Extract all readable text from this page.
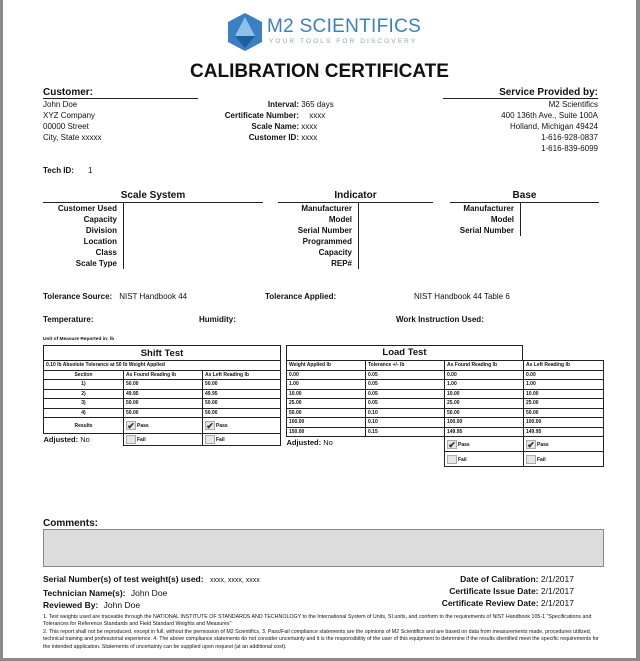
M2 SCIENTIFICS
YOUR TOOLS FOR DISCOVERY
CALIBRATION CERTIFICATE
Customer:
John Doe
XYZ Company
00000 Street
City, State xxxxx
Interval: 365 days
Certificate Number: xxxx
Scale Name: xxxx
Customer ID: xxxx
Service Provided by:
M2 Scientifics
400 136th Ave., Suite 100A
Holland, Michigan 49424
1-616-928-0837
1-616-839-6099
Tech ID: 1
Scale System
Customer Used
Capacity
Division
Location
Class
Scale Type
Indicator
Manufacturer
Model
Serial Number
Programmed
Capacity
REP#
Base
Manufacturer
Model
Serial Number
Tolerance Source: NIST Handbook 44	Tolerance Applied:	NIST Handbook 44 Table 6
Temperature:	Humidity:	Work Instruction Used:
Unit of Measure Reported in: lb
Shift Test		
0.10 lb Absolute Tolerance at 50 lb Weight Applied		
Section	As Found Reading lb	As Left Reading lb
1)	50.00	50.00
2)	49.95	49.95
3)	50.00	50.00
4)	50.00	50.00
Results	✔ Pass	✔ Pass
Adjusted: No	Fail	Fail
Load Test
Weight Applied lb	Tolerance +/- lb	As Found Reading lb	As Left Reading lb
0.00	0.05	0.00	0.00
1.00	0.05	1.00	1.00
10.00	0.05	10.00	10.00
25.00	0.05	25.00	25.00
50.00	0.10	50.00	50.00
100.00	0.10	100.00	100.00
150.00	0.15	149.95	149.95
Adjusted: No		✔ Pass	✔ Pass
		Fail	Fail
Comments:
Serial Number(s) of test weight(s) used: xxxx, xxxx, xxxx
Technician Name(s): John Doe
Reviewed By: John Doe
Date of Calibration: 2/1/2017
Certificate Issue Date: 2/1/2017
Certificate Review Date: 2/1/2017
1. Test weights used are traceable through the NATIONAL INSTITUTE OF STANDARDS AND TECHNOLOGY to the International System of Units, SI units, and conform to the requirements of NIST Handbook 105-1 "Specifications and Tolerances for Reference Standards and Field Standard Weights and Measures"
2. This report shall not be reproduced, except in full, without the permission of M2 Scientifics. 3. Pass/Fail compliance statements are the opinions of M2 Scientifics and are based on data from measurements made, procedures utilized, technical training and professional experience. 4. The above compliance statements do not consider uncertainty and it is the responsibility of the user of this equipment to determine if the results identified meet the specific requirements for the intended application. Statements of uncertainty can be supplied upon request (at an additional cost).
